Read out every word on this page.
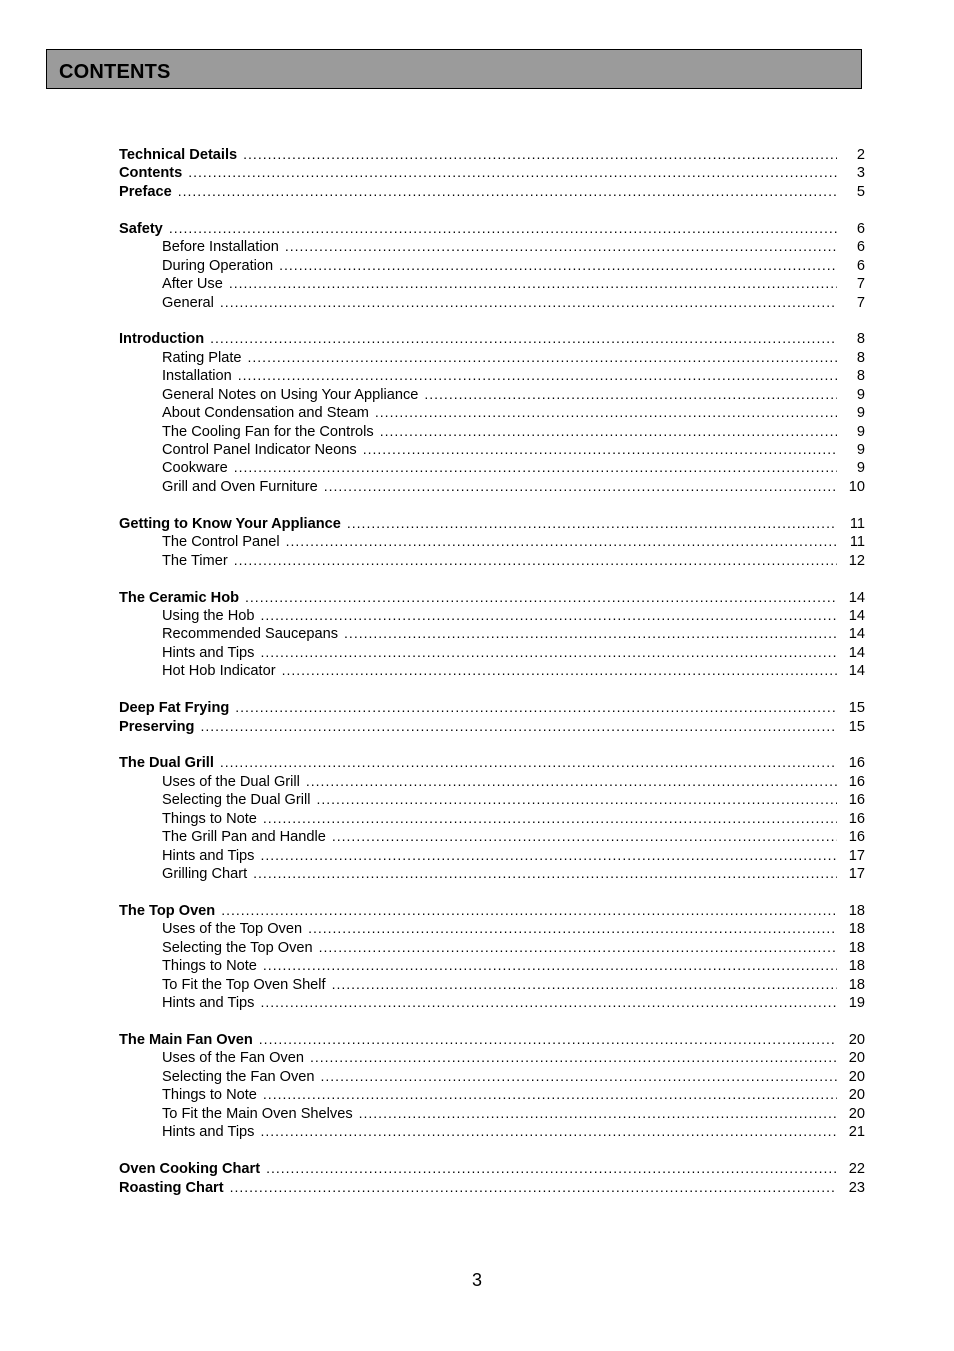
CONTENTS
Technical Details .....	2
Contents .....	3
Preface .....	5
Safety .....	6
Before Installation .....	6
During Operation .....	6
After Use .....	7
General .....	7
Introduction .....	8
Rating Plate .....	8
Installation .....	8
General Notes on Using Your Appliance .....	9
About Condensation and Steam .....	9
The Cooling Fan for the Controls .....	9
Control Panel Indicator Neons .....	9
Cookware .....	9
Grill and Oven Furniture .....	10
Getting to Know Your Appliance .....	11
The Control Panel .....	11
The Timer .....	12
The Ceramic Hob .....	14
Using the Hob .....	14
Recommended Saucepans .....	14
Hints and Tips .....	14
Hot Hob Indicator .....	14
Deep Fat Frying .....	15
Preserving .....	15
The Dual Grill .....	16
Uses of the Dual Grill .....	16
Selecting the Dual Grill .....	16
Things to Note .....	16
The Grill Pan and Handle .....	16
Hints and Tips .....	17
Grilling Chart .....	17
The Top Oven .....	18
Uses of the Top Oven .....	18
Selecting the Top Oven .....	18
Things to Note .....	18
To Fit the Top Oven Shelf .....	18
Hints and Tips .....	19
The Main Fan Oven .....	20
Uses of the Fan Oven .....	20
Selecting the Fan Oven .....	20
Things to Note .....	20
To Fit the Main Oven Shelves .....	20
Hints and Tips .....	21
Oven Cooking Chart .....	22
Roasting Chart .....	23
3
